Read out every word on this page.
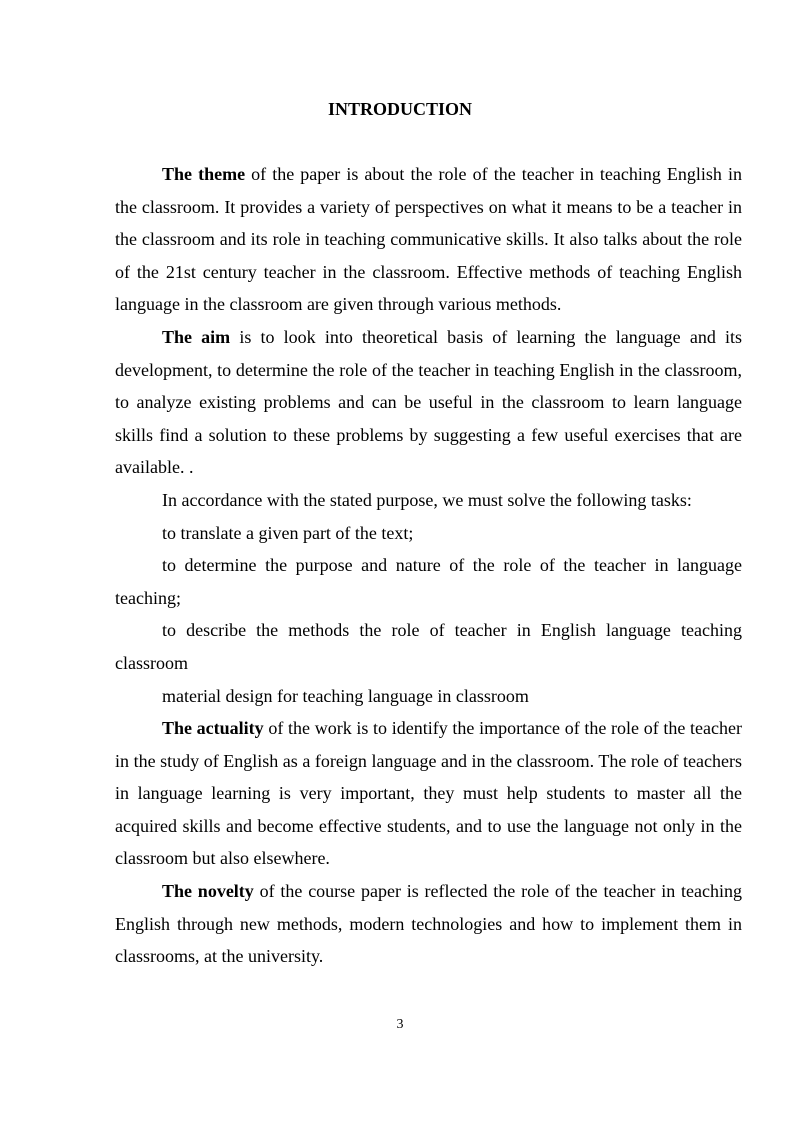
INTRODUCTION

The theme of the paper is about the role of the teacher in teaching English in the classroom. It provides a variety of perspectives on what it means to be a teacher in the classroom and its role in teaching communicative skills. It also talks about the role of the 21st century teacher in the classroom. Effective methods of teaching English language in the classroom are given through various methods.

The aim is to look into theoretical basis of learning the language and its development, to determine the role of the teacher in teaching English in the classroom, to analyze existing problems and can be useful in the classroom to learn language skills find a solution to these problems by suggesting a few useful exercises that are available. .

In accordance with the stated purpose, we must solve the following tasks:

to translate a given part of the text;

to determine the purpose and nature of the role of the teacher in language teaching;

to describe the methods the role of teacher in English language teaching classroom

material design for teaching language in classroom

The actuality of the work is to identify the importance of the role of the teacher in the study of English as a foreign language and in the classroom. The role of teachers in language learning is very important, they must help students to master all the acquired skills and become effective students, and to use the language not only in the classroom but also elsewhere.

The novelty of the course paper is reflected the role of the teacher in teaching English through new methods, modern technologies and how to implement them in classrooms, at the university.

3
